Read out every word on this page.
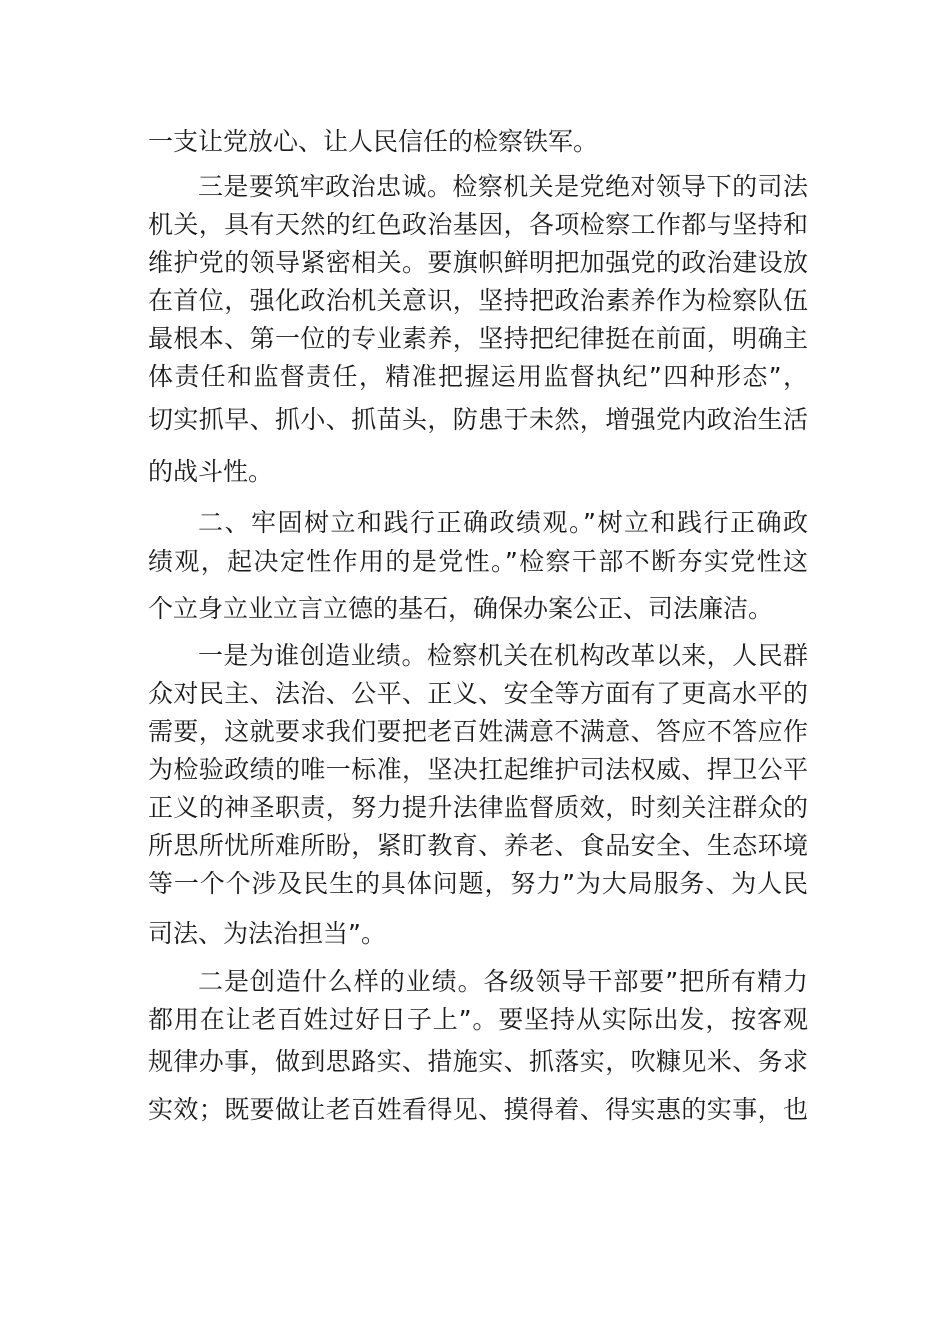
一支让党放心、让人民信任的检察铁军。
三是要筑牢政治忠诚。检察机关是党绝对领导下的司法
机关，具有天然的红色政治基因，各项检察工作都与坚持和
维护党的领导紧密相关。要旗帜鲜明把加强党的政治建设放
在首位，强化政治机关意识，坚持把政治素养作为检察队伍
最根本、第一位的专业素养，坚持把纪律挺在前面，明确主
体责任和监督责任，精准把握运用监督执纪”四种形态”，
切实抓早、抓小、抓苗头，防患于未然，增强党内政治生活
的战斗性。
二、牢固树立和践行正确政绩观。”树立和践行正确政
绩观，起决定性作用的是党性。”检察干部不断夯实党性这
个立身立业立言立德的基石，确保办案公正、司法廉洁。
一是为谁创造业绩。检察机关在机构改革以来，人民群
众对民主、法治、公平、正义、安全等方面有了更高水平的
需要，这就要求我们要把老百姓满意不满意、答应不答应作
为检验政绩的唯一标准，坚决扛起维护司法权威、捍卫公平
正义的神圣职责，努力提升法律监督质效，时刻关注群众的
所思所忧所难所盼，紧盯教育、养老、食品安全、生态环境
等一个个涉及民生的具体问题，努力”为大局服务、为人民
司法、为法治担当”。
二是创造什么样的业绩。各级领导干部要”把所有精力
都用在让老百姓过好日子上”。要坚持从实际出发，按客观
规律办事，做到思路实、措施实、抓落实，吹糠见米、务求
实效；既要做让老百姓看得见、摸得着、得实惠的实事，也
